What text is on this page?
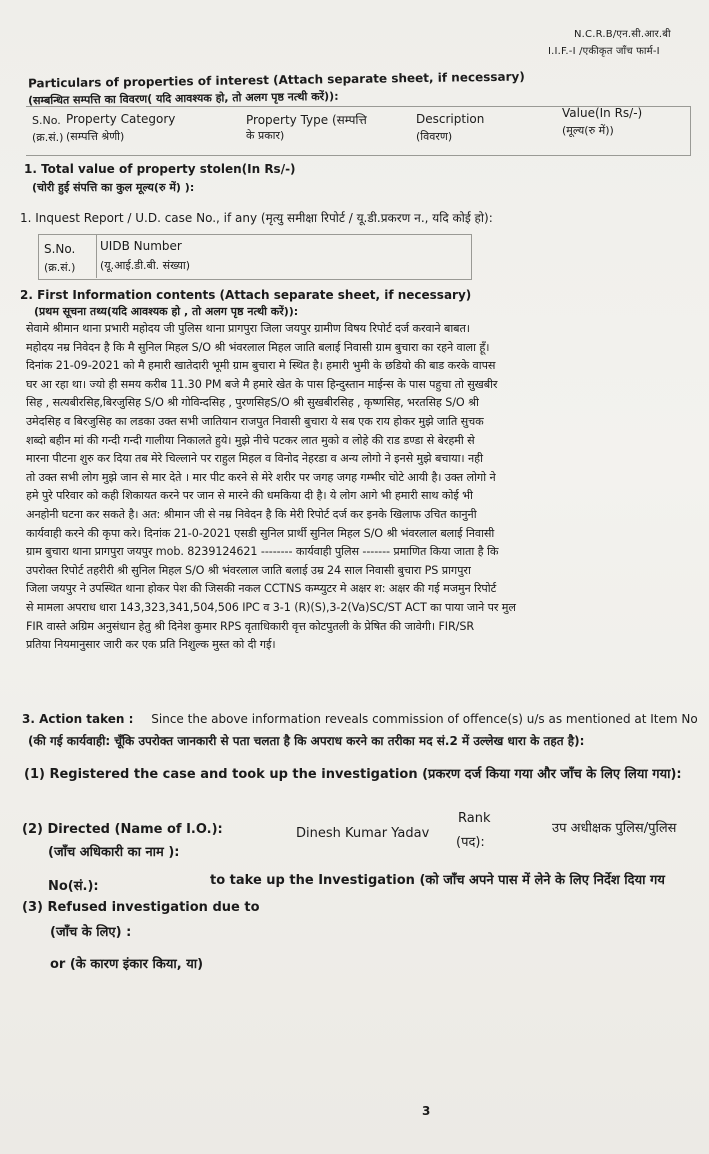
N.C.R.B/एन.सी.आर.बी
I.I.F.-I /एकीकृत जाँच फार्म-I
Particulars of properties of interest (Attach separate sheet, if necessary)
(सम्बन्धित सम्पत्ति का विवरण( यदि आवश्यक हो, तो अलग पृष्ठ नत्थी करें)):
S.No.
(क्र.सं.)
Property Category
(सम्पत्ति श्रेणी)
Property Type (सम्पत्ति
के प्रकार)
Description
(विवरण)
Value(In Rs/-)
(मूल्य(रु में))
1. Total value of property stolen(In Rs/-)
(चोरी हुई संपत्ति का कुल मूल्य(रु में) ):
1. Inquest Report / U.D. case No., if any (मृत्यु समीक्षा रिपोर्ट / यू.डी.प्रकरण न., यदि कोई हो):
S.No.
(क्र.सं.)
UIDB Number
(यू.आई.डी.बी. संख्या)
2. First Information contents (Attach separate sheet, if necessary)
(प्रथम सूचना तथ्य(यदि आवश्यक हो , तो अलग पृष्ठ नत्थी करें)):
सेवामे श्रीमान थाना प्रभारी महोदय जी पुलिस थाना प्रागपुरा जिला जयपुर ग्रामीण विषय रिपोर्ट दर्ज करवाने बाबत।
महोदय नम्र निवेदन है कि मै सुनिल मिहल S/O श्री भंवरलाल मिहल जाति बलाई निवासी ग्राम बुचारा का रहने वाला हूँ।
दिनांक 21-09-2021 को मै हमारी खातेदारी भूमी ग्राम बुचारा मे स्थित है। हमारी भुमी के छडियो की बाड करके वापस
घर आ रहा था। ज्यो ही समय करीब 11.30 PM बजे मै हमारे खेत के पास हिन्दुस्तान माईन्स के पास पहुचा तो सुखबीर
सिह , सत्यबीरसिह,बिरजुसिह S/O श्री गोविन्दसिह , पुरणसिहS/O श्री सुखबीरसिह , कृष्णसिह, भरतसिह S/O श्री
उमेदसिह व बिरजुसिह का लडका उक्त सभी जातियान राजपुत निवासी बुचारा ये सब एक राय होकर मुझे जाति सुचक
शब्दो बहीन मां की गन्दी गन्दी गालीया निकालते हुये। मुझे नीचे पटकर लात मुको व लोहे की राड डण्डा से बेरहमी से
मारना पीटना शुरु कर दिया तब मेरे चिल्लाने पर राहुल मिहल व विनोद नेहरडा व अन्य लोगो ने इनसे मुझे बचाया। नही
तो उक्त सभी लोग मुझे जान से मार देते । मार पीट करने से मेरे शरीर पर जगह जगह गम्भीर चोटे आयी है। उक्त लोगो ने
हमे पुरे परिवार को कही शिकायत करने पर जान से मारने की धमकिया दी है। ये लोग आगे भी हमारी साथ कोई भी
अनहोनी घटना कर सकते है। अत: श्रीमान जी से नम्र निवेदन है कि मेरी रिपोर्ट दर्ज कर इनके खिलाफ उचित कानुनी
कार्यवाही करने की कृपा करे। दिनांक 21-0-2021 एसडी सुनिल प्रार्थी सुनिल मिहल S/O श्री भंवरलाल बलाई निवासी
ग्राम बुचारा थाना प्रागपुरा जयपुर mob. 8239124621 -------- कार्यवाही पुलिस ------- प्रमाणित किया जाता है कि
उपरोक्त रिपोर्ट तहरीरी श्री सुनिल मिहल S/O श्री भंवरलाल जाति बलाई उम्र 24 साल निवासी बुचारा PS प्रागपुरा
जिला जयपुर ने उपस्थित थाना होकर पेश की जिसकी नकल CCTNS कम्प्युटर मे अक्षर श: अक्षर की गई मजमुन रिपोर्ट
से मामला अपराध धारा 143,323,341,504,506 IPC व 3-1 (R)(S),3-2(Va)SC/ST ACT का पाया जाने पर मुल
FIR वास्ते अग्रिम अनुसंधान हेतु श्री दिनेश कुमार RPS वृताधिकारी वृत्त कोटपुतली के प्रेषित की जावेगी। FIR/SR
प्रतिया नियमानुसार जारी कर एक प्रति निशुल्क मुस्त को दी गई।
3. Action taken : Since the above information reveals commission of offence(s) u/s as mentioned at Item No
(की गई कार्यवाही: चूँकि उपरोक्त जानकारी से पता चलता है कि अपराध करने का तरीका मद सं.2 में उल्लेख धारा के तहत है):
(1) Registered the case and took up the investigation (प्रकरण दर्ज किया गया और जाँच के लिए लिया गया):
(2) Directed (Name of I.O.):
(जाँच अधिकारी का नाम ):
Dinesh Kumar Yadav
Rank
(पद):
उप अधीक्षक पुलिस/पुलिस
No(सं.):	to take up the Investigation (को जाँच अपने पास में लेने के लिए निर्देश दिया गय
(3) Refused investigation due to
(जाँच के लिए) :
or (के कारण इंकार किया, या)
3
